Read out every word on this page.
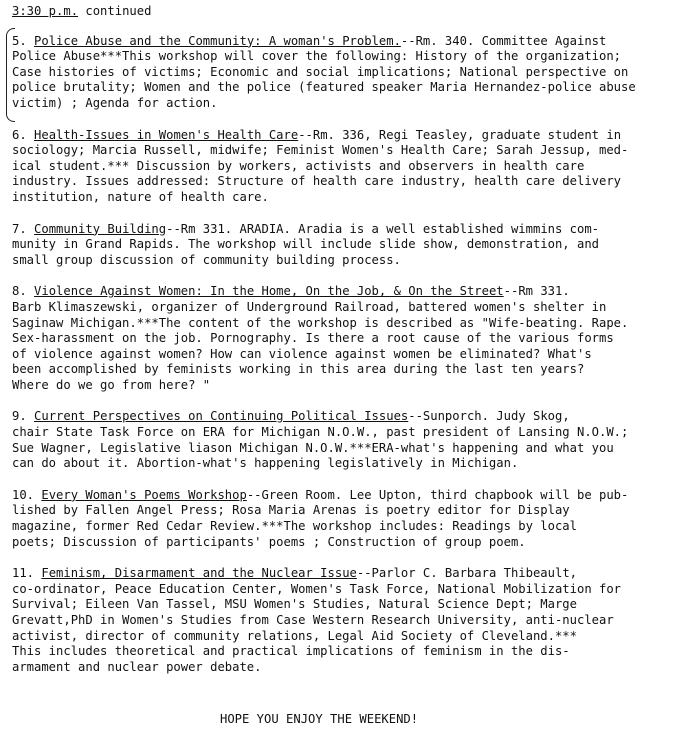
3:30 p.m. continued

5. Police Abuse and the Community: A woman's Problem.--Rm. 340. Committee Against
Police Abuse***This workshop will cover the following: History of the organization;
Case histories of victims; Economic and social implications; National perspective on
police brutality; Women and the police (featured speaker Maria Hernandez-police abuse
victim) ; Agenda for action.

6. Health-Issues in Women's Health Care--Rm. 336, Regi Teasley, graduate student in
sociology; Marcia Russell, midwife; Feminist Women's Health Care; Sarah Jessup, med-
ical student.*** Discussion by workers, activists and observers in health care
industry. Issues addressed: Structure of health care industry, health care delivery
institution, nature of health care.

7. Community Building--Rm 331. ARADIA. Aradia is a well established wimmins com-
munity in Grand Rapids. The workshop will include slide show, demonstration, and
small group discussion of community building process.

8. Violence Against Women: In the Home, On the Job, & On the Street--Rm 331.
Barb Klimaszewski, organizer of Underground Railroad, battered women's shelter in
Saginaw Michigan.***The content of the workshop is described as "Wife-beating. Rape.
Sex-harassment on the job. Pornography. Is there a root cause of the various forms
of violence against women? How can violence against women be eliminated? What's
been accomplished by feminists working in this area during the last ten years?
Where do we go from here? "

9. Current Perspectives on Continuing Political Issues--Sunporch. Judy Skog,
chair State Task Force on ERA for Michigan N.O.W., past president of Lansing N.O.W.;
Sue Wagner, Legislative liason Michigan N.O.W.***ERA-what's happening and what you
can do about it. Abortion-what's happening legislatively in Michigan.

10. Every Woman's Poems Workshop--Green Room. Lee Upton, third chapbook will be pub-
lished by Fallen Angel Press; Rosa Maria Arenas is poetry editor for Display
magazine, former Red Cedar Review.***The workshop includes: Readings by local
poets; Discussion of participants' poems ; Construction of group poem.

11. Feminism, Disarmament and the Nuclear Issue--Parlor C. Barbara Thibeault,
co-ordinator, Peace Education Center, Women's Task Force, National Mobilization for
Survival; Eileen Van Tassel, MSU Women's Studies, Natural Science Dept; Marge
Grevatt,PhD in Women's Studies from Case Western Research University, anti-nuclear
activist, director of community relations, Legal Aid Society of Cleveland.***
This includes theoretical and practical implications of feminism in the dis-
armament and nuclear power debate.

HOPE YOU ENJOY THE WEEKEND!
